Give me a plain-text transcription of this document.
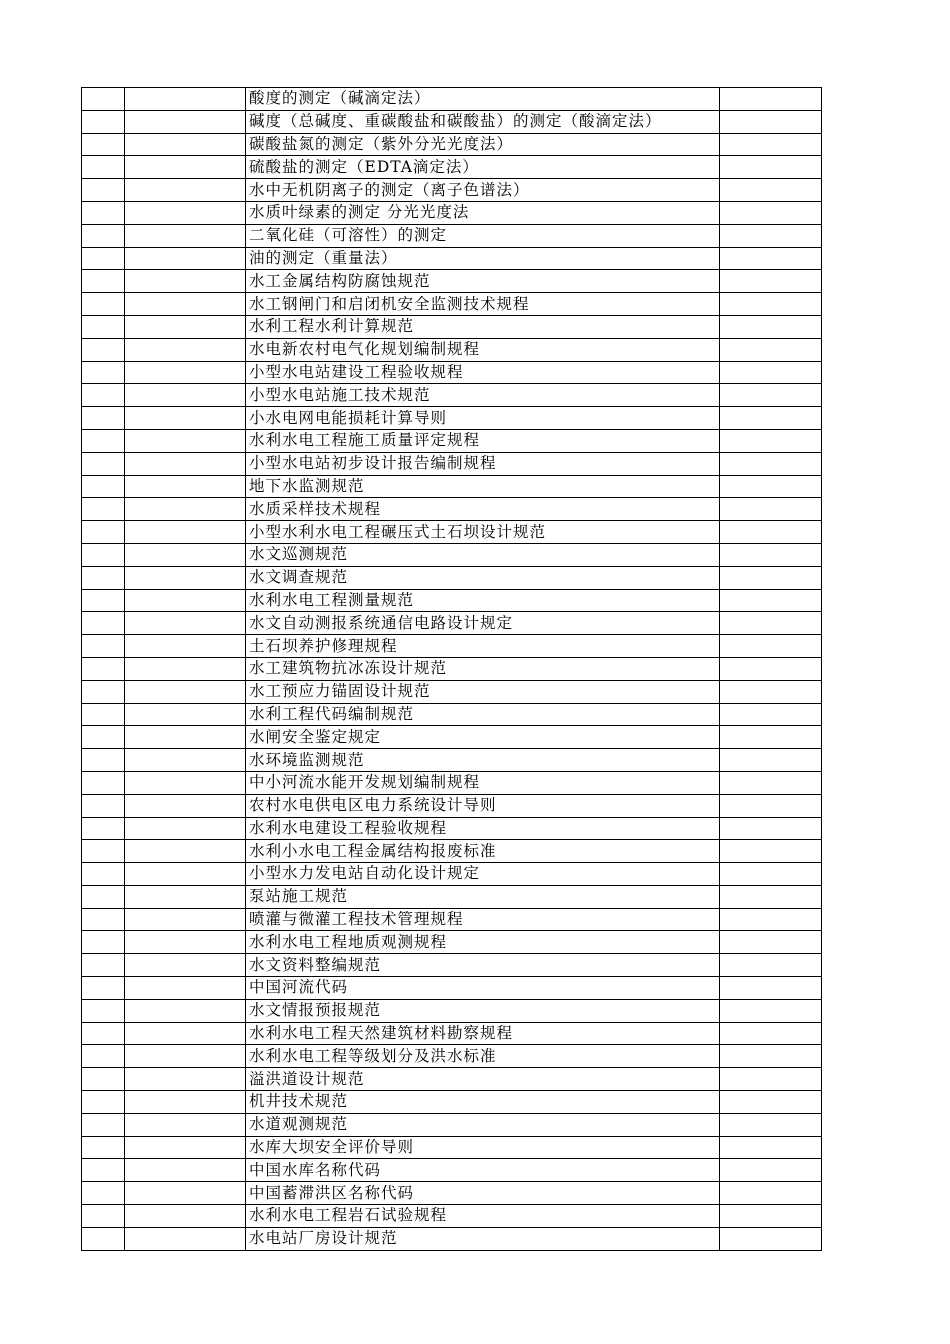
		酸度的测定（碱滴定法）	
		碱度（总碱度、重碳酸盐和碳酸盐）的测定（酸滴定法）	
		碳酸盐氮的测定（紫外分光光度法）	
		硫酸盐的测定（EDTA滴定法）	
		水中无机阴离子的测定（离子色谱法）	
		水质叶绿素的测定 分光光度法	
		二氧化硅（可溶性）的测定	
		油的测定（重量法）	
		水工金属结构防腐蚀规范	
		水工钢闸门和启闭机安全监测技术规程	
		水利工程水利计算规范	
		水电新农村电气化规划编制规程	
		小型水电站建设工程验收规程	
		小型水电站施工技术规范	
		小水电网电能损耗计算导则	
		水利水电工程施工质量评定规程	
		小型水电站初步设计报告编制规程	
		地下水监测规范	
		水质采样技术规程	
		小型水利水电工程碾压式土石坝设计规范	
		水文巡测规范	
		水文调查规范	
		水利水电工程测量规范	
		水文自动测报系统通信电路设计规定	
		土石坝养护修理规程	
		水工建筑物抗冰冻设计规范	
		水工预应力锚固设计规范	
		水利工程代码编制规范	
		水闸安全鉴定规定	
		水环境监测规范	
		中小河流水能开发规划编制规程	
		农村水电供电区电力系统设计导则	
		水利水电建设工程验收规程	
		水利小水电工程金属结构报废标准	
		小型水力发电站自动化设计规定	
		泵站施工规范	
		喷灌与微灌工程技术管理规程	
		水利水电工程地质观测规程	
		水文资料整编规范	
		中国河流代码	
		水文情报预报规范	
		水利水电工程天然建筑材料勘察规程	
		水利水电工程等级划分及洪水标准	
		溢洪道设计规范	
		机井技术规范	
		水道观测规范	
		水库大坝安全评价导则	
		中国水库名称代码	
		中国蓄滞洪区名称代码	
		水利水电工程岩石试验规程	
		水电站厂房设计规范	
